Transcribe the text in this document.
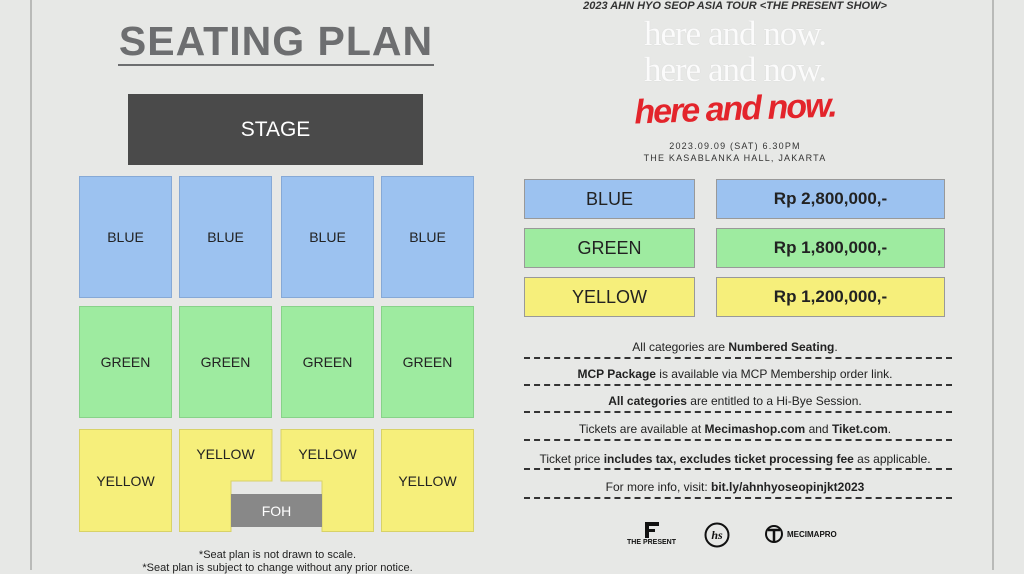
SEATING PLAN
STAGE
BLUE	BLUE	BLUE	BLUE
GREEN	GREEN	GREEN	GREEN
YELLOW
YELLOW	YELLOW
YELLOW
FOH
*Seat plan is not drawn to scale.
*Seat plan is subject to change without any prior notice.
2023 AHN HYO SEOP ASIA TOUR <THE PRESENT SHOW>
here and now.
here and now.
here and now.
2023.09.09 (SAT) 6.30PM
THE KASABLANKA HALL, JAKARTA
BLUE	Rp 2,800,000,-
GREEN	Rp 1,800,000,-
YELLOW	Rp 1,200,000,-
All categories are Numbered Seating.
MCP Package is available via MCP Membership order link.
All categories are entitled to a Hi-Bye Session.
Tickets are available at Mecimashop.com and Tiket.com.
Ticket price includes tax, excludes ticket processing fee as applicable.
For more info, visit: bit.ly/ahnhyoseopinjkt2023
THE PRESENT
hs	MECIMAPRO
